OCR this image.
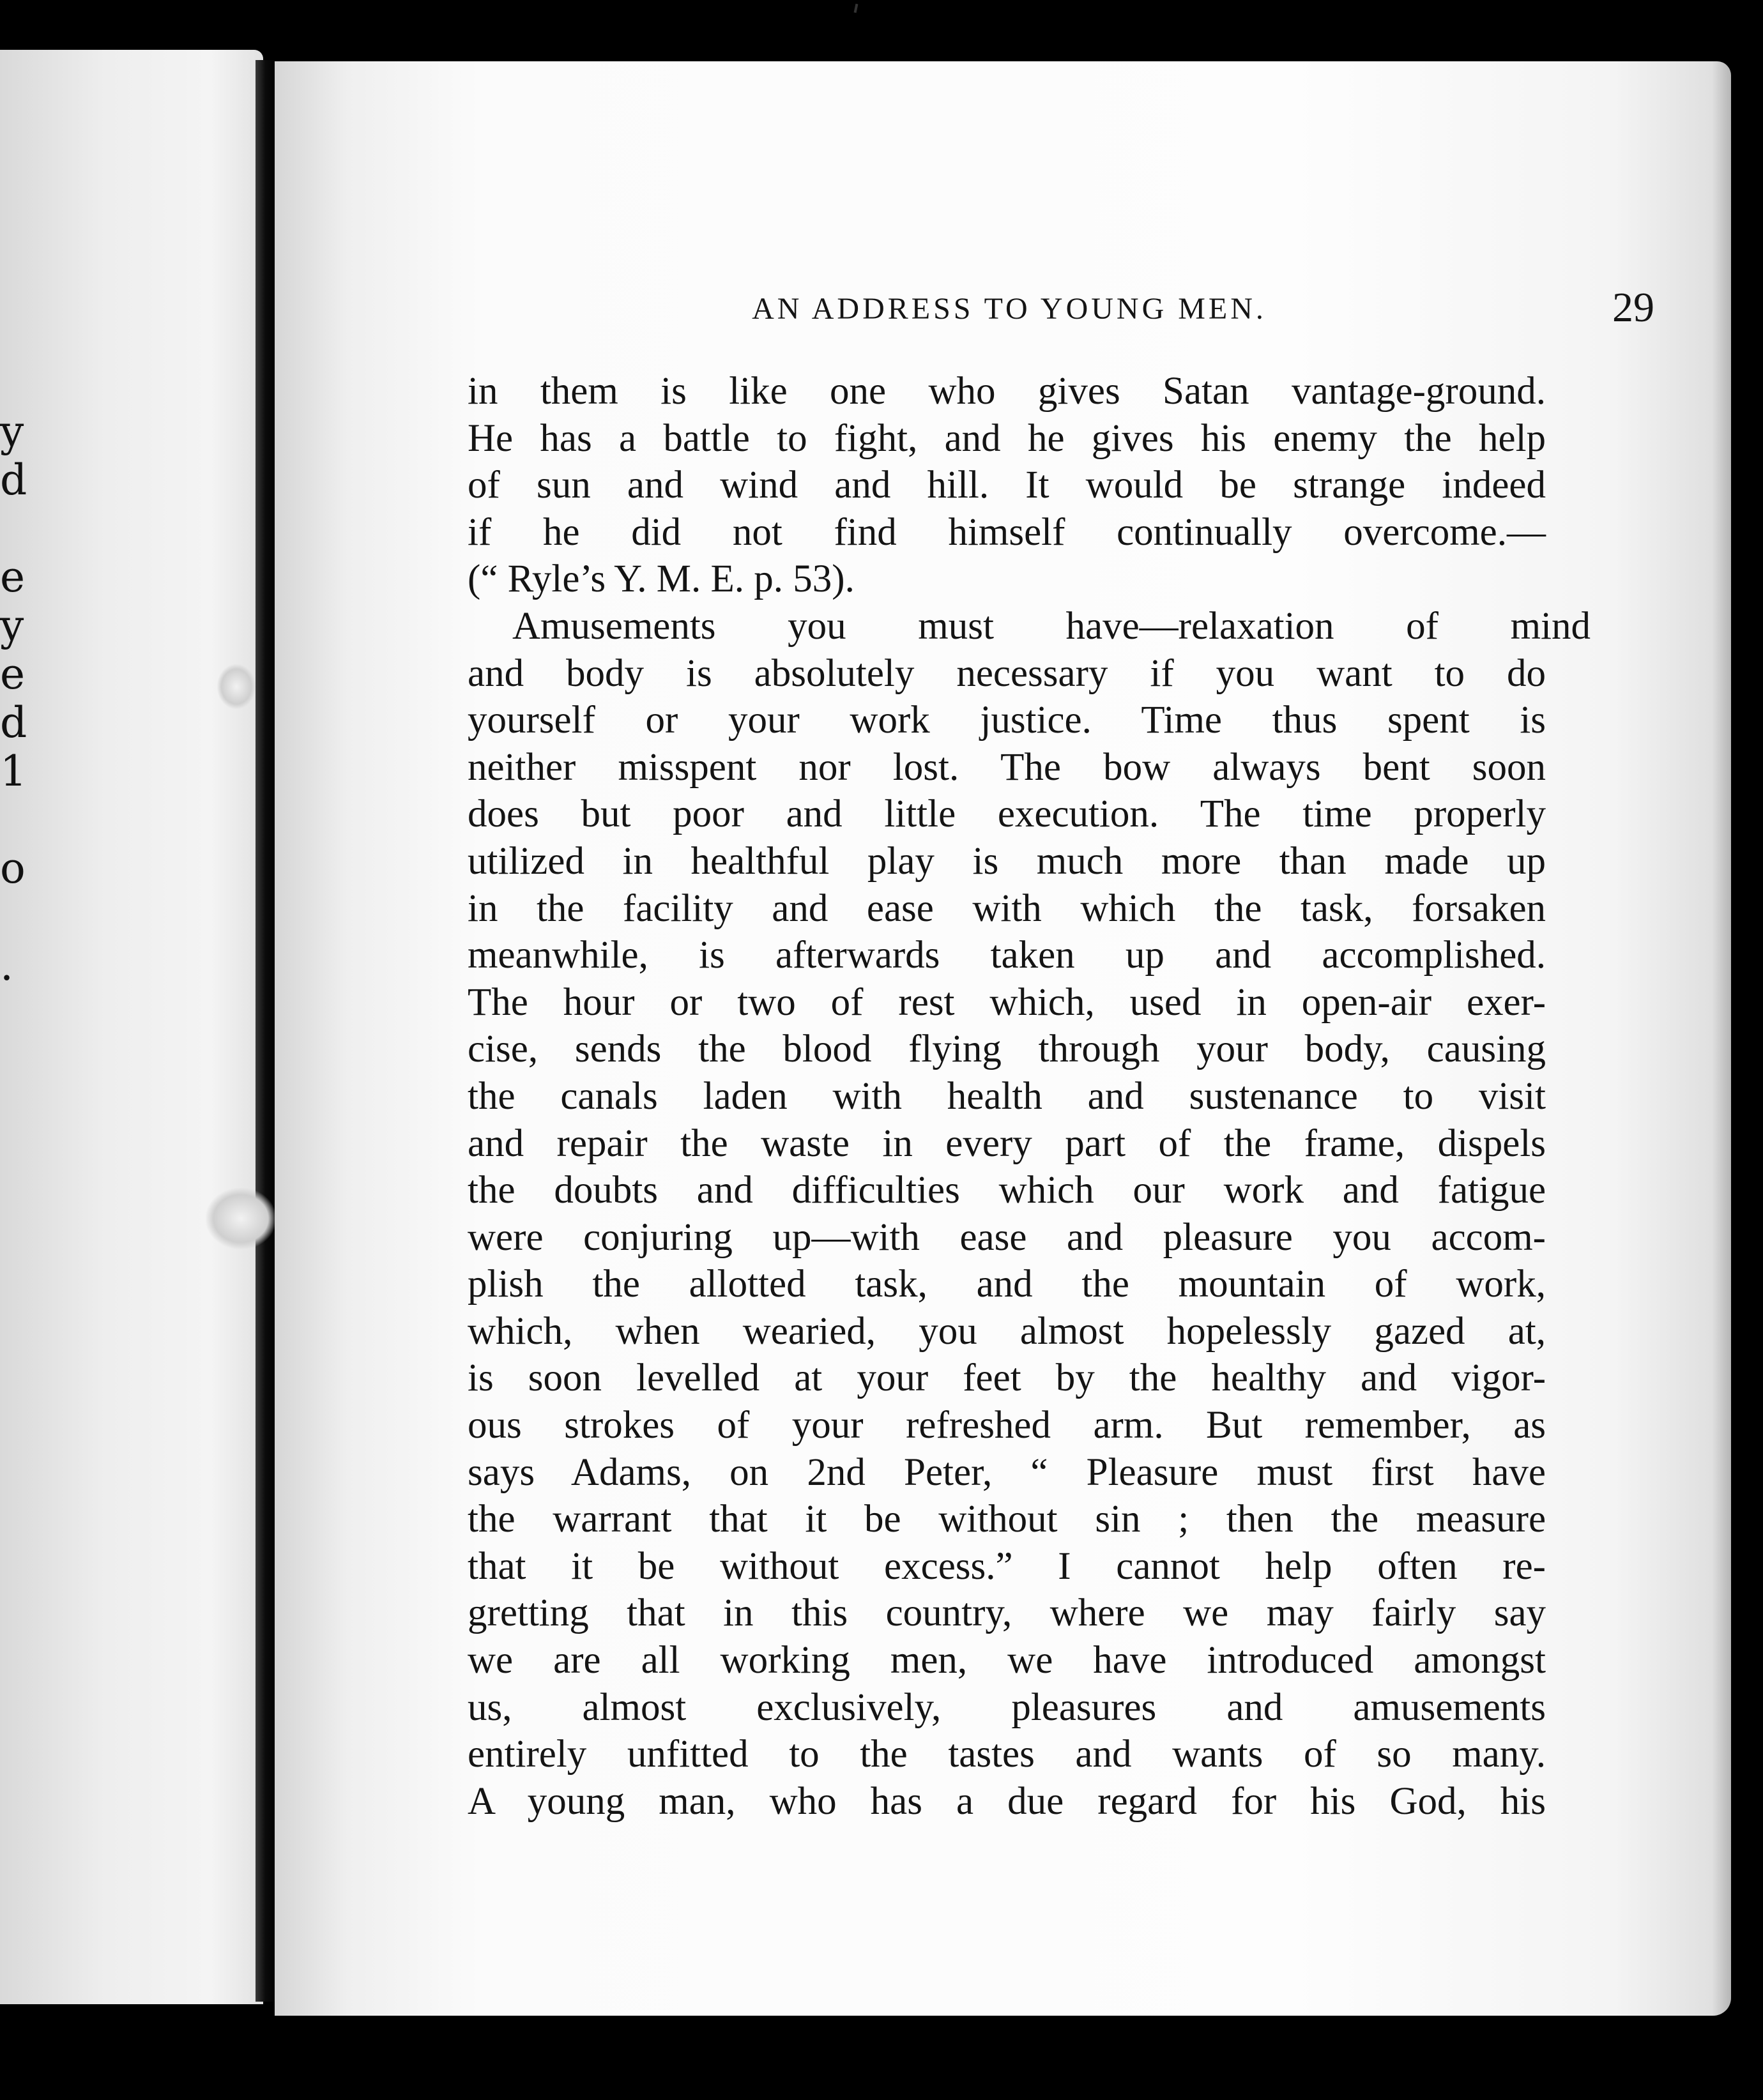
y
d
e
y
e
d
1
o
.
AN ADDRESS TO YOUNG MEN.	29
in them is like one who gives Satan vantage-ground.
He has a battle to fight, and he gives his enemy the help
of sun and wind and hill. It would be strange indeed
if he did not find himself continually overcome.—
(“ Ryle’s Y. M. E. p. 53).
Amusements you must have—relaxation of mind
and body is absolutely necessary if you want to do
yourself or your work justice. Time thus spent is
neither misspent nor lost. The bow always bent soon
does but poor and little execution. The time properly
utilized in healthful play is much more than made up
in the facility and ease with which the task, forsaken
meanwhile, is afterwards taken up and accomplished.
The hour or two of rest which, used in open-air exer-
cise, sends the blood flying through your body, causing
the canals laden with health and sustenance to visit
and repair the waste in every part of the frame, dispels
the doubts and difficulties which our work and fatigue
were conjuring up—with ease and pleasure you accom-
plish the allotted task, and the mountain of work,
which, when wearied, you almost hopelessly gazed at,
is soon levelled at your feet by the healthy and vigor-
ous strokes of your refreshed arm. But remember, as
says Adams, on 2nd Peter, “ Pleasure must first have
the warrant that it be without sin ; then the measure
that it be without excess.” I cannot help often re-
gretting that in this country, where we may fairly say
we are all working men, we have introduced amongst
us, almost exclusively, pleasures and amusements
entirely unfitted to the tastes and wants of so many.
A young man, who has a due regard for his God, his
